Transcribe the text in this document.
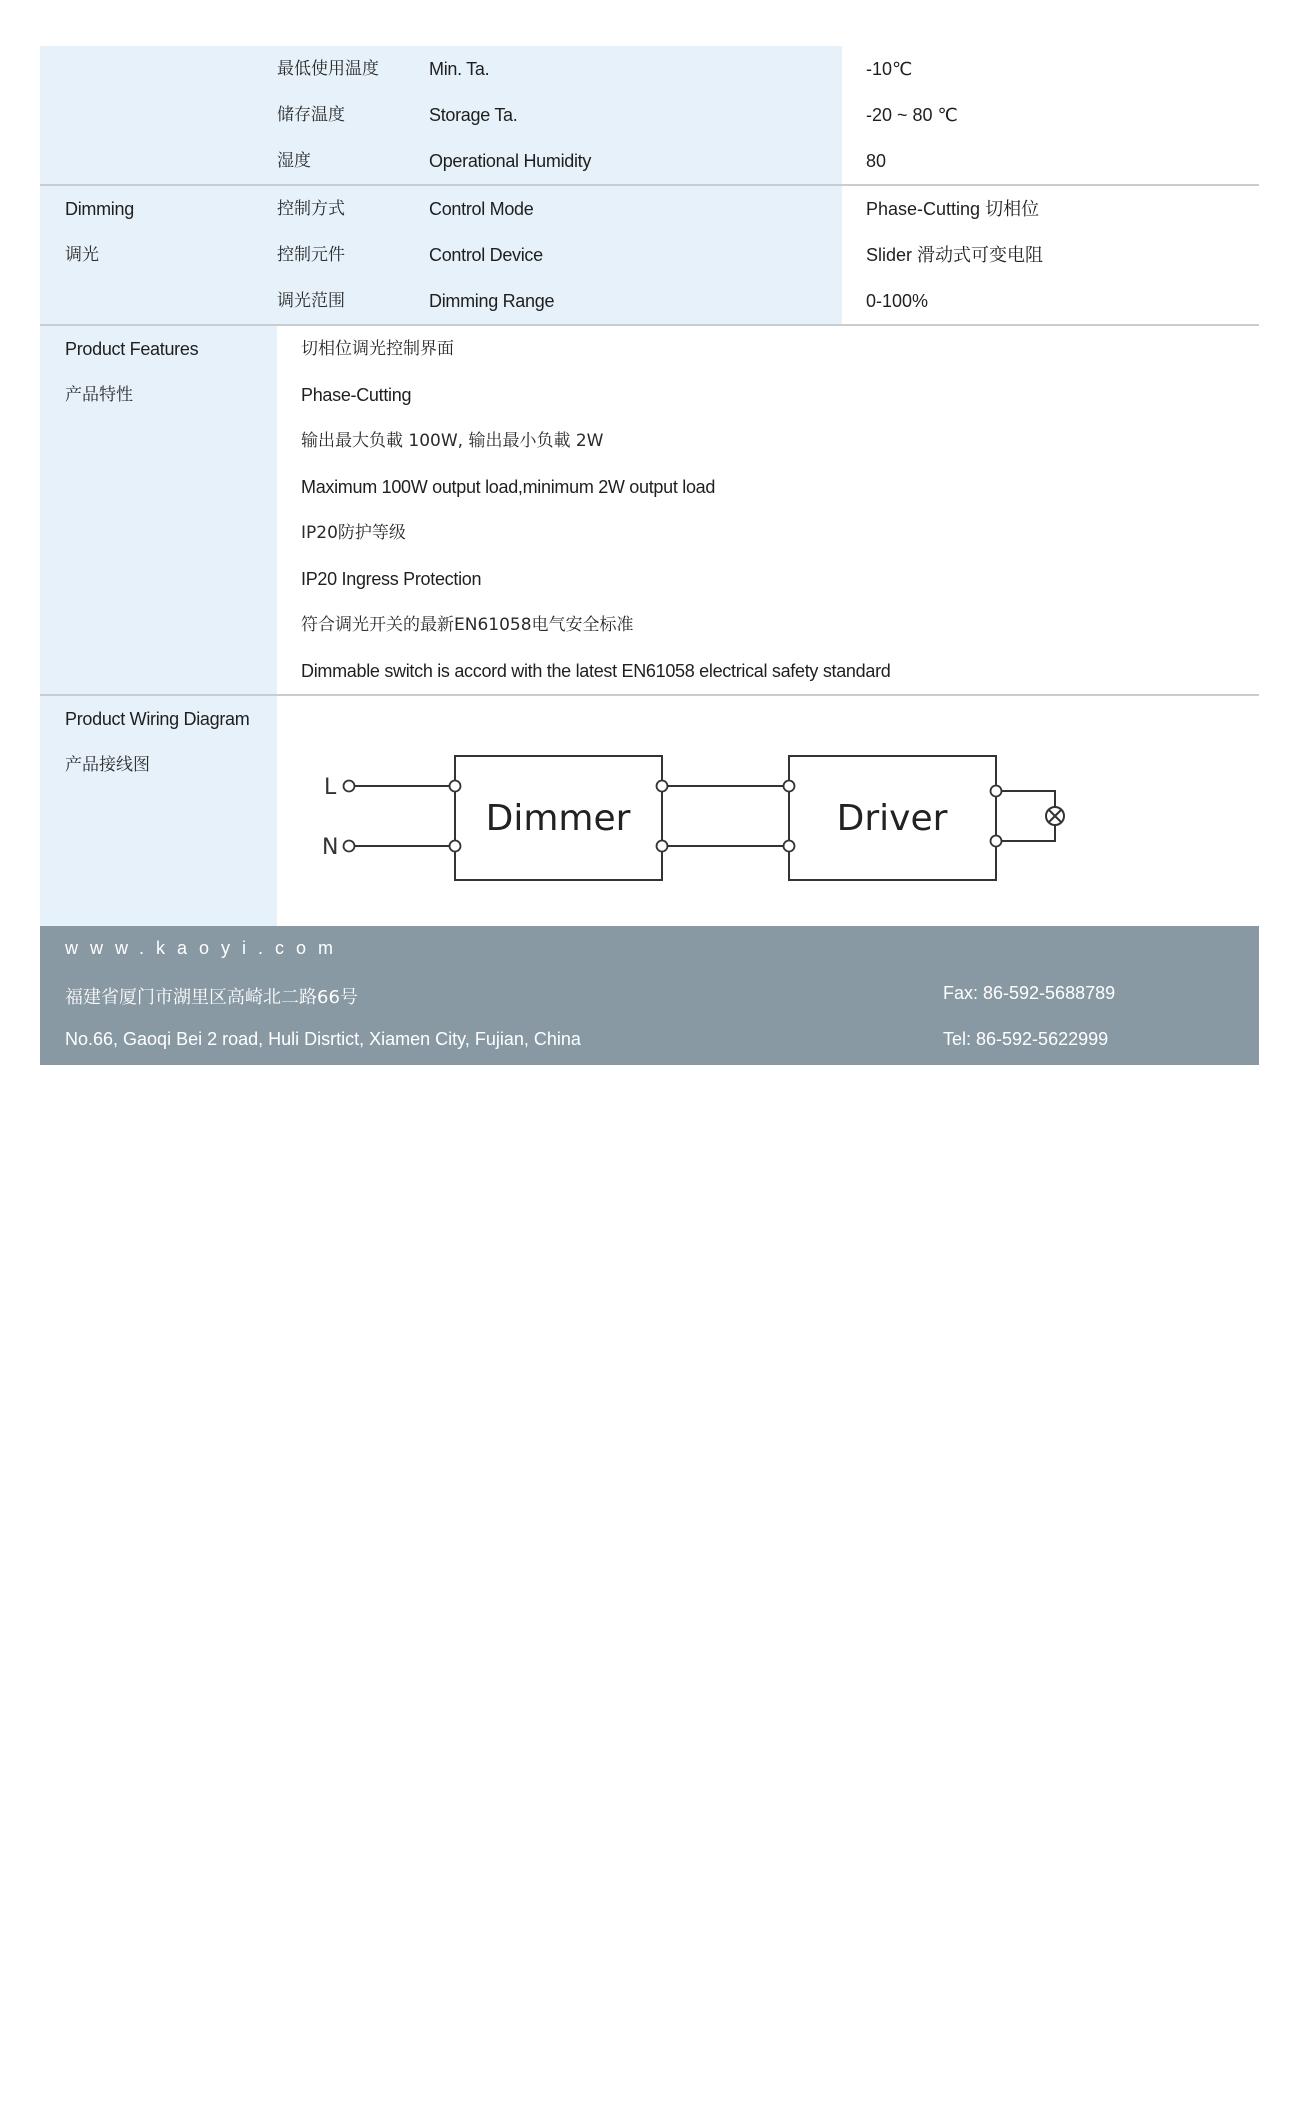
最低使用温度
储存温度
湿度
Min. Ta.
Storage Ta.
Operational Humidity
-10℃
-20 ~ 80 ℃
80
Dimming
调光
控制方式
控制元件
调光范围
Control Mode
Control Device
Dimming Range
Phase-Cutting 切相位
Slider 滑动式可变电阻
0-100%
Product Features
产品特性
切相位调光控制界面
Phase-Cutting
输出最大负載 100W, 输出最小负載 2W
Maximum 100W output load,minimum 2W output load
IP20防护等级
IP20 Ingress Protection
符合调光开关的最新EN61058电气安全标准
Dimmable switch is accord with the latest EN61058 electrical safety standard
Product Wiring Diagram
产品接线图
L
N
Dimmer	Driver
www.kaoyi.com
福建省厦门市湖里区高崎北二路66号
No.66, Gaoqi Bei 2 road, Huli Disrtict, Xiamen City, Fujian, China
Fax: 86-592-5688789
Tel: 86-592-5622999
